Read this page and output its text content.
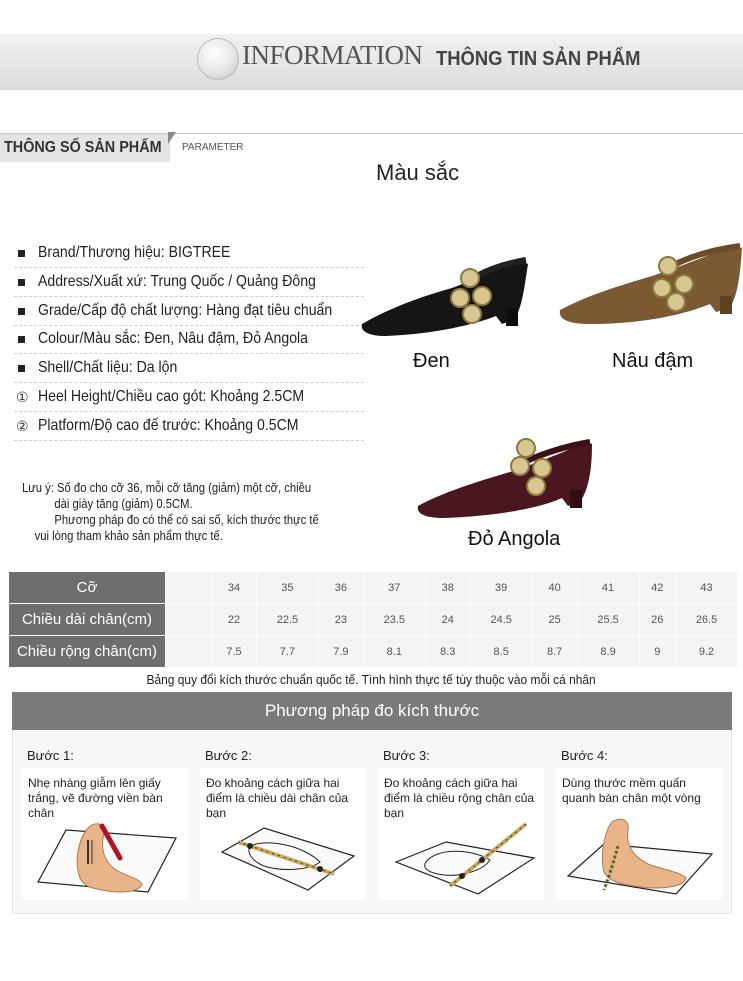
INFORMATION THÔNG TIN SẢN PHẨM
THÔNG SỐ SẢN PHẨM PARAMETER
Màu sắc
Brand/Thương hiệu: BIGTREE
Address/Xuất xứ: Trung Quốc / Quảng Đông
Grade/Cấp độ chất lượng: Hàng đạt tiêu chuẩn
Colour/Màu sắc: Đen, Nâu đậm, Đỏ Angola
Shell/Chất liệu: Da lộn
① Heel Height/Chiều cao gót: Khoảng 2.5CM
② Platform/Độ cao đế trước: Khoảng 0.5CM
Lưu ý: Số đo cho cỡ 36, mỗi cỡ tăng (giảm) một cỡ, chiều
dài giày tăng (giảm) 0.5CM.
Phương pháp đo có thể có sai số, kích thước thực tế
vui lòng tham khảo sản phẩm thực tế.
Đen	Nâu đậm
Đỏ Angola
Cỡ		34	35	36	37	38	39	40	41	42	43
Chiều dài chân(cm)		22	22.5	23	23.5	24	24.5	25	25.5	26	26.5
Chiều rộng chân(cm)		7.5	7.7	7.9	8.1	8.3	8.5	8.7	8.9	9	9.2
Bảng quy đổi kích thước chuẩn quốc tế. Tình hình thực tế tùy thuộc vào mỗi cá nhân
Phương pháp đo kích thước
Bước 1:
Nhẹ nhàng giẫm lên giấy
trắng, vẽ đường viền bàn chân
Bước 2:
Đo khoảng cách giữa hai
điểm là chiều dài chân của bạn
Bước 3:
Đo khoảng cách giữa hai
điểm là chiều rộng chân của
bạn
Bước 4:
Dùng thước mềm quấn
quanh bàn chân một vòng
